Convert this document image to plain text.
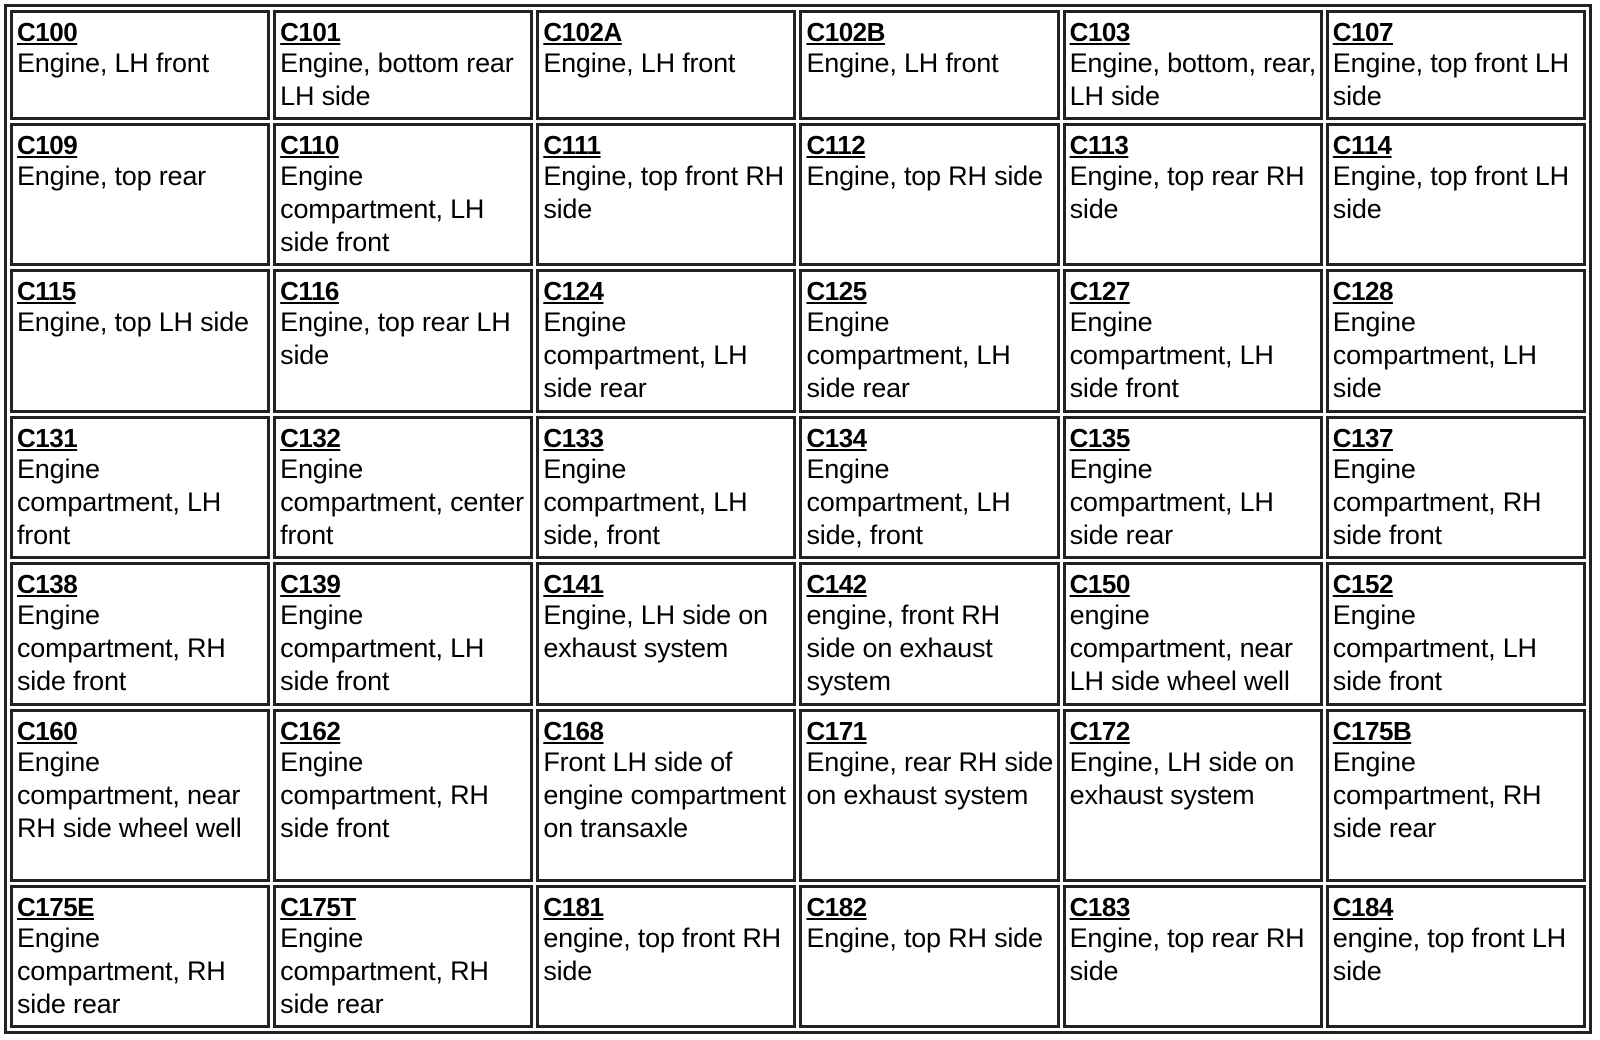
C100
Engine, LH front	C101
Engine, bottom rear LH side	C102A
Engine, LH front	C102B
Engine, LH front	C103
Engine, bottom, rear, LH side	C107
Engine, top front LH side

C109
Engine, top rear	C110
Engine compartment, LH side front	C111
Engine, top front RH side	C112
Engine, top RH side	C113
Engine, top rear RH side	C114
Engine, top front LH side

C115
Engine, top LH side	C116
Engine, top rear LH side	C124
Engine compartment, LH side rear	C125
Engine compartment, LH side rear	C127
Engine compartment, LH side front	C128
Engine compartment, LH side

C131
Engine compartment, LH front	C132
Engine compartment, center front	C133
Engine compartment, LH side, front	C134
Engine compartment, LH side, front	C135
Engine compartment, LH side rear	C137
Engine compartment, RH side front

C138
Engine compartment, RH side front	C139
Engine compartment, LH side front	C141
Engine, LH side on exhaust system	C142
engine, front RH side on exhaust system	C150
engine compartment, near LH side wheel well	C152
Engine compartment, LH side front

C160
Engine compartment, near RH side wheel well	C162
Engine compartment, RH side front	C168
Front LH side of engine compartment on transaxle	C171
Engine, rear RH side on exhaust system	C172
Engine, LH side on exhaust system	C175B
Engine compartment, RH side rear

C175E
Engine compartment, RH side rear	C175T
Engine compartment, RH side rear	C181
engine, top front RH side	C182
Engine, top RH side	C183
Engine, top rear RH side	C184
engine, top front LH side
